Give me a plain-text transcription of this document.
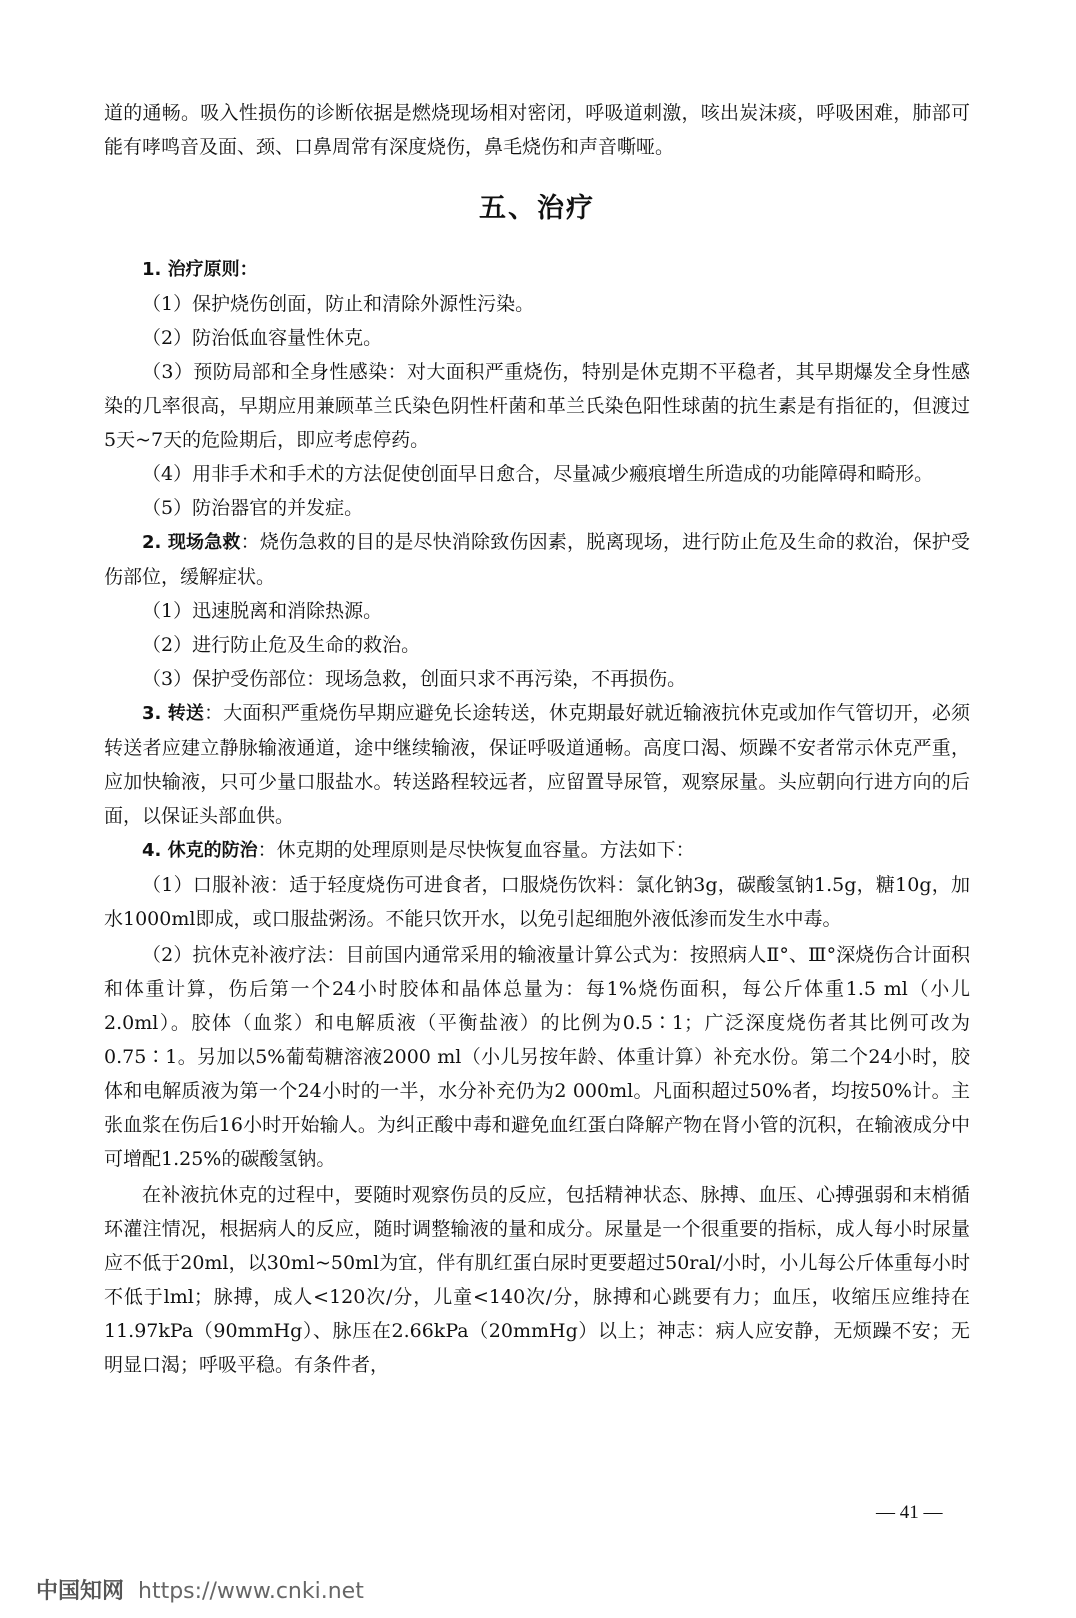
道的通畅。吸入性损伤的诊断依据是燃烧现场相对密闭，呼吸道刺激，咳出炭沫痰，呼吸困难，肺部可能有哮鸣音及面、颈、口鼻周常有深度烧伤，鼻毛烧伤和声音嘶哑。

五、治疗

1. 治疗原则：

（1）保护烧伤创面，防止和清除外源性污染。

（2）防治低血容量性休克。

（3）预防局部和全身性感染：对大面积严重烧伤，特别是休克期不平稳者，其早期爆发全身性感染的几率很高，早期应用兼顾革兰氏染色阴性杆菌和革兰氏染色阳性球菌的抗生素是有指征的，但渡过5天~7天的危险期后，即应考虑停药。

（4）用非手术和手术的方法促使创面早日愈合，尽量减少瘢痕增生所造成的功能障碍和畸形。

（5）防治器官的并发症。

2. 现场急救：烧伤急救的目的是尽快消除致伤因素，脱离现场，进行防止危及生命的救治，保护受伤部位，缓解症状。

（1）迅速脱离和消除热源。

（2）进行防止危及生命的救治。

（3）保护受伤部位：现场急救，创面只求不再污染，不再损伤。

3. 转送：大面积严重烧伤早期应避免长途转送，休克期最好就近输液抗休克或加作气管切开，必须转送者应建立静脉输液通道，途中继续输液，保证呼吸道通畅。高度口渴、烦躁不安者常示休克严重，应加快输液，只可少量口服盐水。转送路程较远者，应留置导尿管，观察尿量。头应朝向行进方向的后面，以保证头部血供。

4. 休克的防治：休克期的处理原则是尽快恢复血容量。方法如下：

（1）口服补液：适于轻度烧伤可进食者，口服烧伤饮料：氯化钠3g，碳酸氢钠1.5g，糖10g，加水1000ml即成，或口服盐粥汤。不能只饮开水，以免引起细胞外液低渗而发生水中毒。

（2）抗休克补液疗法：目前国内通常采用的输液量计算公式为：按照病人Ⅱ°、Ⅲ°深烧伤合计面积和体重计算，伤后第一个24小时胶体和晶体总量为：每1%烧伤面积，每公斤体重1.5 ml（小儿2.0ml）。胶体（血浆）和电解质液（平衡盐液）的比例为0.5∶1；广泛深度烧伤者其比例可改为0.75∶1。另加以5%葡萄糖溶液2000 ml（小儿另按年龄、体重计算）补充水份。第二个24小时，胶体和电解质液为第一个24小时的一半，水分补充仍为2 000ml。凡面积超过50%者，均按50%计。主张血浆在伤后16小时开始输人。为纠正酸中毒和避免血红蛋白降解产物在肾小管的沉积，在输液成分中可增配1.25%的碳酸氢钠。

在补液抗休克的过程中，要随时观察伤员的反应，包括精神状态、脉搏、血压、心搏强弱和末梢循环灌注情况，根据病人的反应，随时调整输液的量和成分。尿量是一个很重要的指标，成人每小时尿量应不低于20ml，以30ml~50ml为宜，伴有肌红蛋白尿时更要超过50ral/小时，小儿每公斤体重每小时不低于lml；脉搏，成人<120次/分，儿童<140次/分，脉搏和心跳要有力；血压，收缩压应维持在11.97kPa（90mmHg）、脉压在2.66kPa（20mmHg）以上；神志：病人应安静，无烦躁不安；无明显口渴；呼吸平稳。有条件者，

— 41 —
中国知网 https://www.cnki.net
